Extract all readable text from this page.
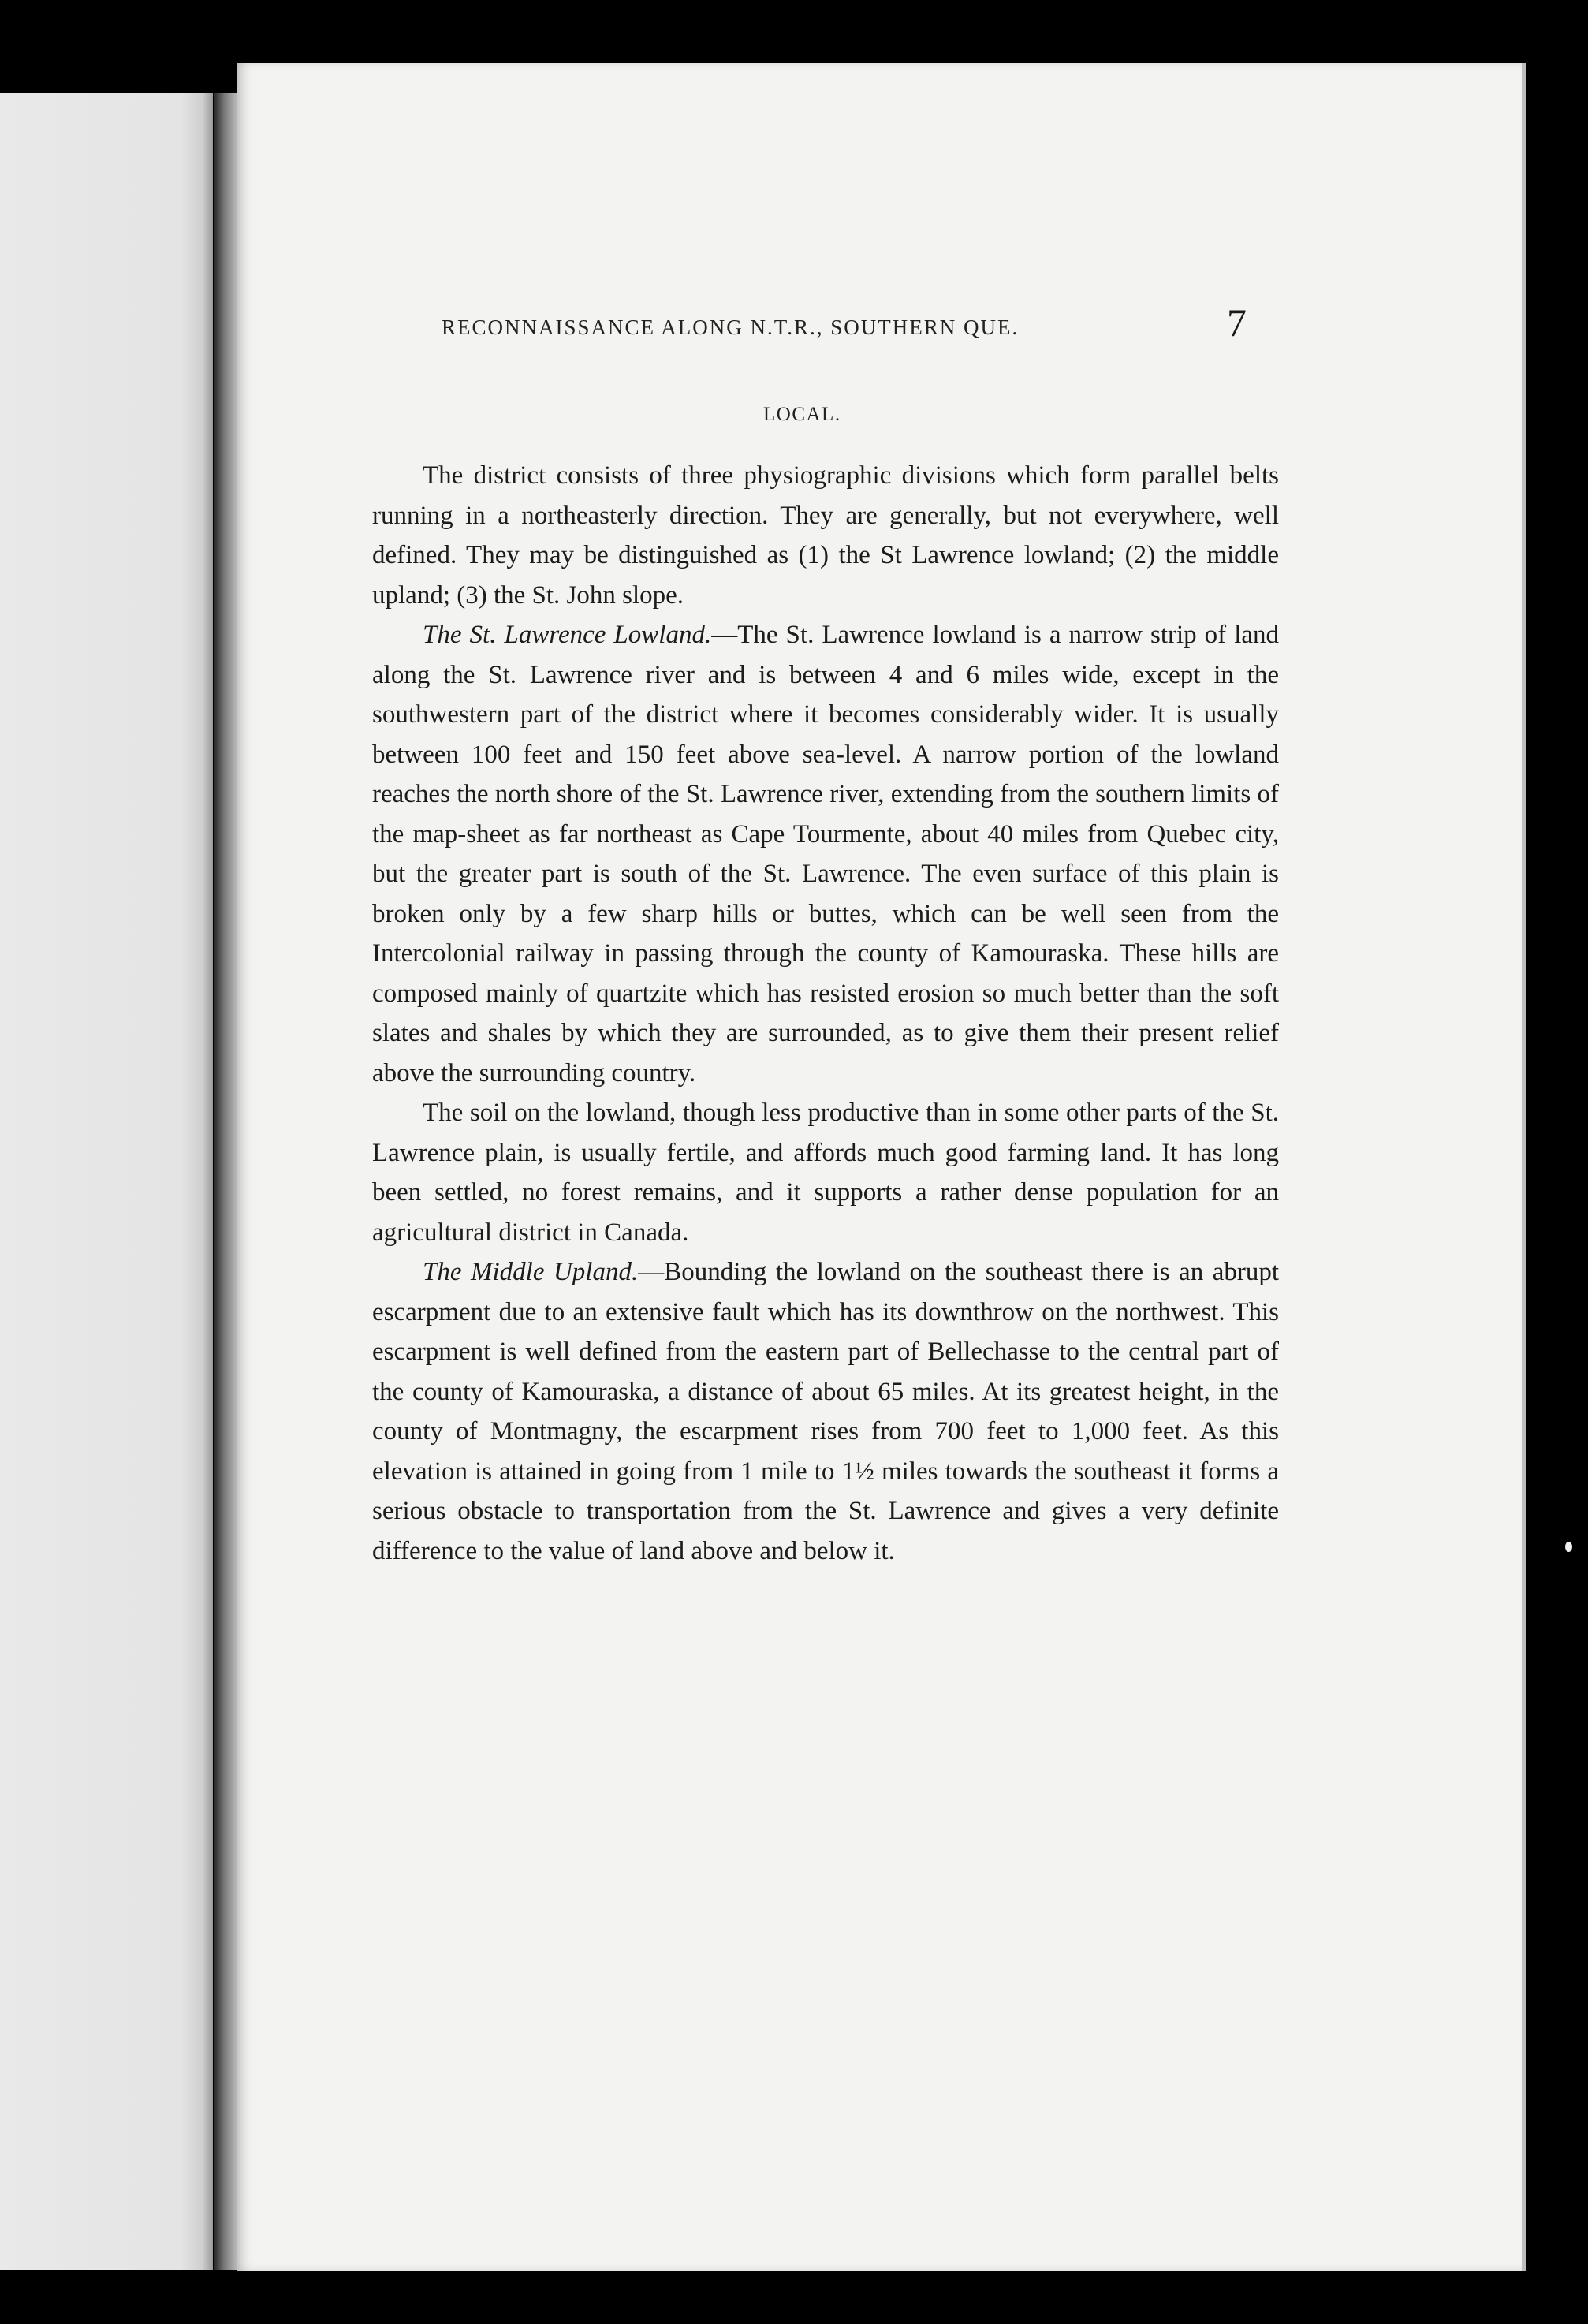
RECONNAISSANCE ALONG N.T.R., SOUTHERN QUE.	7
LOCAL.

The district consists of three physiographic divisions which form parallel belts running in a northeasterly direction. They are generally, but not everywhere, well defined. They may be distinguished as (1) the St Lawrence lowland; (2) the middle upland; (3) the St. John slope.

The St. Lawrence Lowland.—The St. Lawrence lowland is a narrow strip of land along the St. Lawrence river and is between 4 and 6 miles wide, except in the southwestern part of the district where it becomes considerably wider. It is usually between 100 feet and 150 feet above sea-level. A narrow portion of the lowland reaches the north shore of the St. Lawrence river, extending from the southern limits of the map-sheet as far northeast as Cape Tourmente, about 40 miles from Quebec city, but the greater part is south of the St. Lawrence. The even surface of this plain is broken only by a few sharp hills or buttes, which can be well seen from the Intercolonial railway in passing through the county of Kamouraska. These hills are composed mainly of quartzite which has resisted erosion so much better than the soft slates and shales by which they are surrounded, as to give them their present relief above the surrounding country.

The soil on the lowland, though less productive than in some other parts of the St. Lawrence plain, is usually fertile, and affords much good farming land. It has long been settled, no forest remains, and it supports a rather dense population for an agricultural district in Canada.

The Middle Upland.—Bounding the lowland on the southeast there is an abrupt escarpment due to an extensive fault which has its downthrow on the northwest. This escarpment is well defined from the eastern part of Bellechasse to the central part of the county of Kamouraska, a distance of about 65 miles. At its greatest height, in the county of Montmagny, the escarpment rises from 700 feet to 1,000 feet. As this elevation is attained in going from 1 mile to 1½ miles towards the southeast it forms a serious obstacle to transportation from the St. Lawrence and gives a very definite difference to the value of land above and below it.
